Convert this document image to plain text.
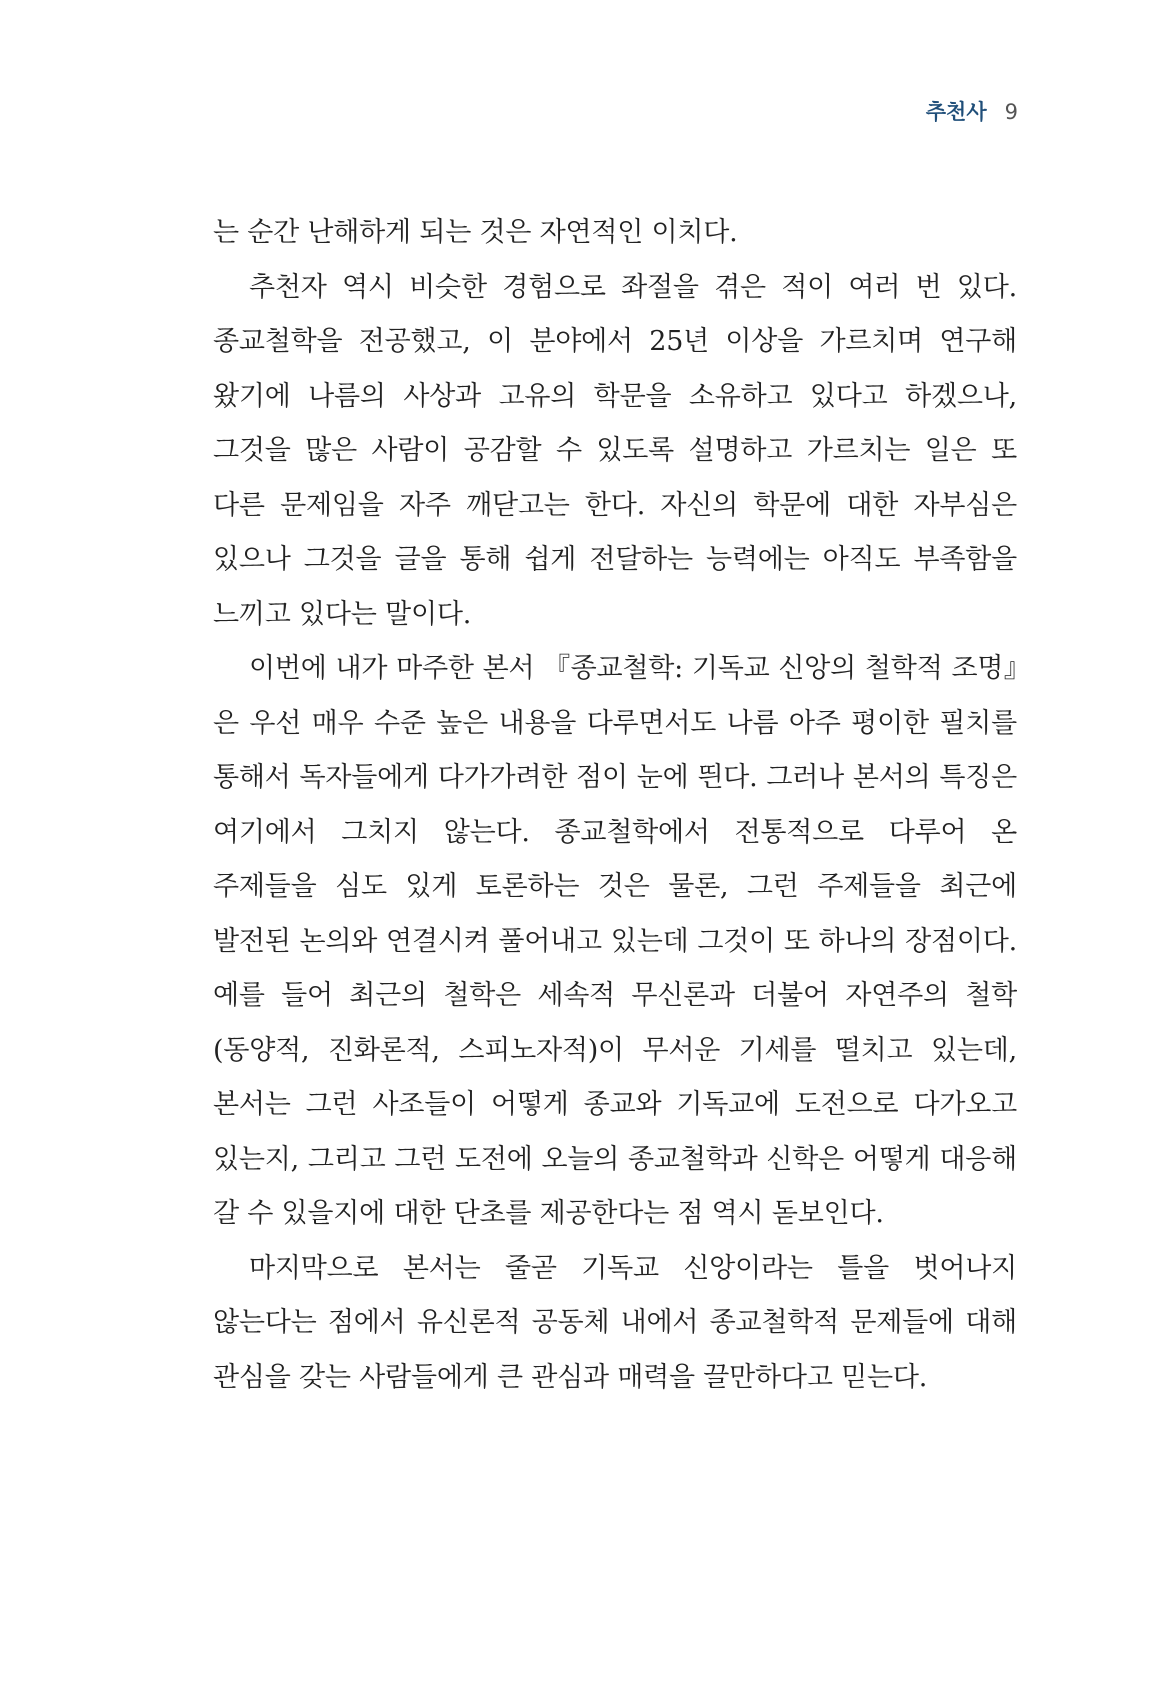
추천사 9

는 순간 난해하게 되는 것은 자연적인 이치다.

추천자 역시 비슷한 경험으로 좌절을 겪은 적이 여러 번 있다. 종교철학을 전공했고, 이 분야에서 25년 이상을 가르치며 연구해 왔기에 나름의 사상과 고유의 학문을 소유하고 있다고 하겠으나, 그것을 많은 사람이 공감할 수 있도록 설명하고 가르치는 일은 또 다른 문제임을 자주 깨닫고는 한다. 자신의 학문에 대한 자부심은 있으나 그것을 글을 통해 쉽게 전달하는 능력에는 아직도 부족함을 느끼고 있다는 말이다.

이번에 내가 마주한 본서 『종교철학: 기독교 신앙의 철학적 조명』은 우선 매우 수준 높은 내용을 다루면서도 나름 아주 평이한 필치를 통해서 독자들에게 다가가려한 점이 눈에 띈다. 그러나 본서의 특징은 여기에서 그치지 않는다. 종교철학에서 전통적으로 다루어 온 주제들을 심도 있게 토론하는 것은 물론, 그런 주제들을 최근에 발전된 논의와 연결시켜 풀어내고 있는데 그것이 또 하나의 장점이다. 예를 들어 최근의 철학은 세속적 무신론과 더불어 자연주의 철학(동양적, 진화론적, 스피노자적)이 무서운 기세를 떨치고 있는데, 본서는 그런 사조들이 어떻게 종교와 기독교에 도전으로 다가오고 있는지, 그리고 그런 도전에 오늘의 종교철학과 신학은 어떻게 대응해 갈 수 있을지에 대한 단초를 제공한다는 점 역시 돋보인다.

마지막으로 본서는 줄곧 기독교 신앙이라는 틀을 벗어나지 않는다는 점에서 유신론적 공동체 내에서 종교철학적 문제들에 대해 관심을 갖는 사람들에게 큰 관심과 매력을 끌만하다고 믿는다.
